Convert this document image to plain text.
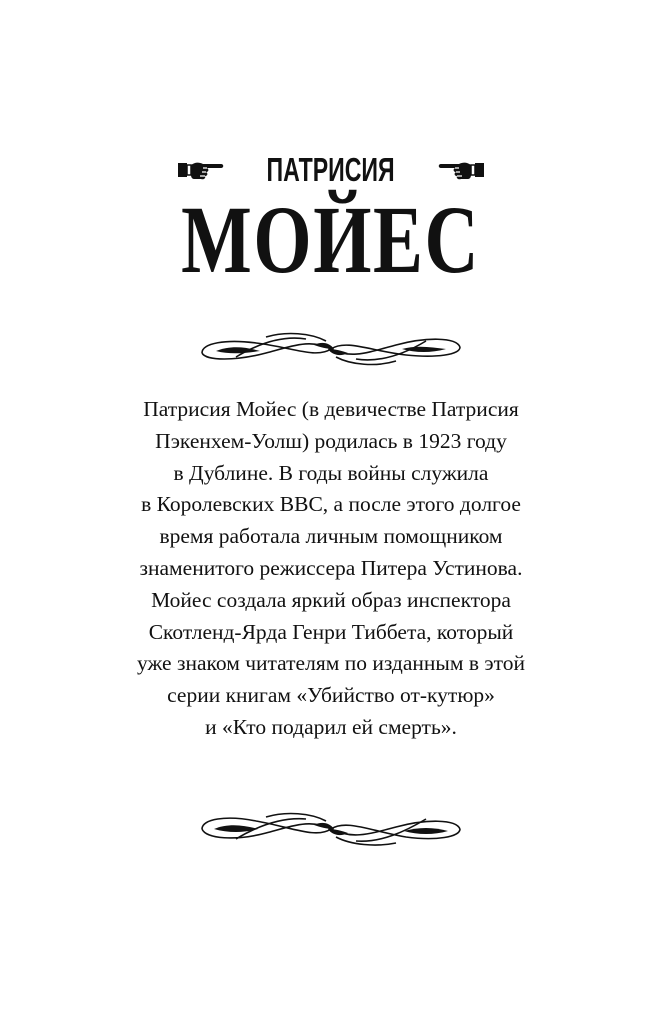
ПАТРИСИЯ
МОЙЕС
Патрисия Мойес (в девичестве Патрисия
Пэкенхем-Уолш) родилась в 1923 году
в Дублине. В годы войны служила
в Королевских ВВС, а после этого долгое
время работала личным помощником
знаменитого режиссера Питера Устинова.
Мойес создала яркий образ инспектора
Скотленд-Ярда Генри Тиббета, который
уже знаком читателям по изданным в этой
серии книгам «Убийство от-кутюр»
и «Кто подарил ей смерть».
